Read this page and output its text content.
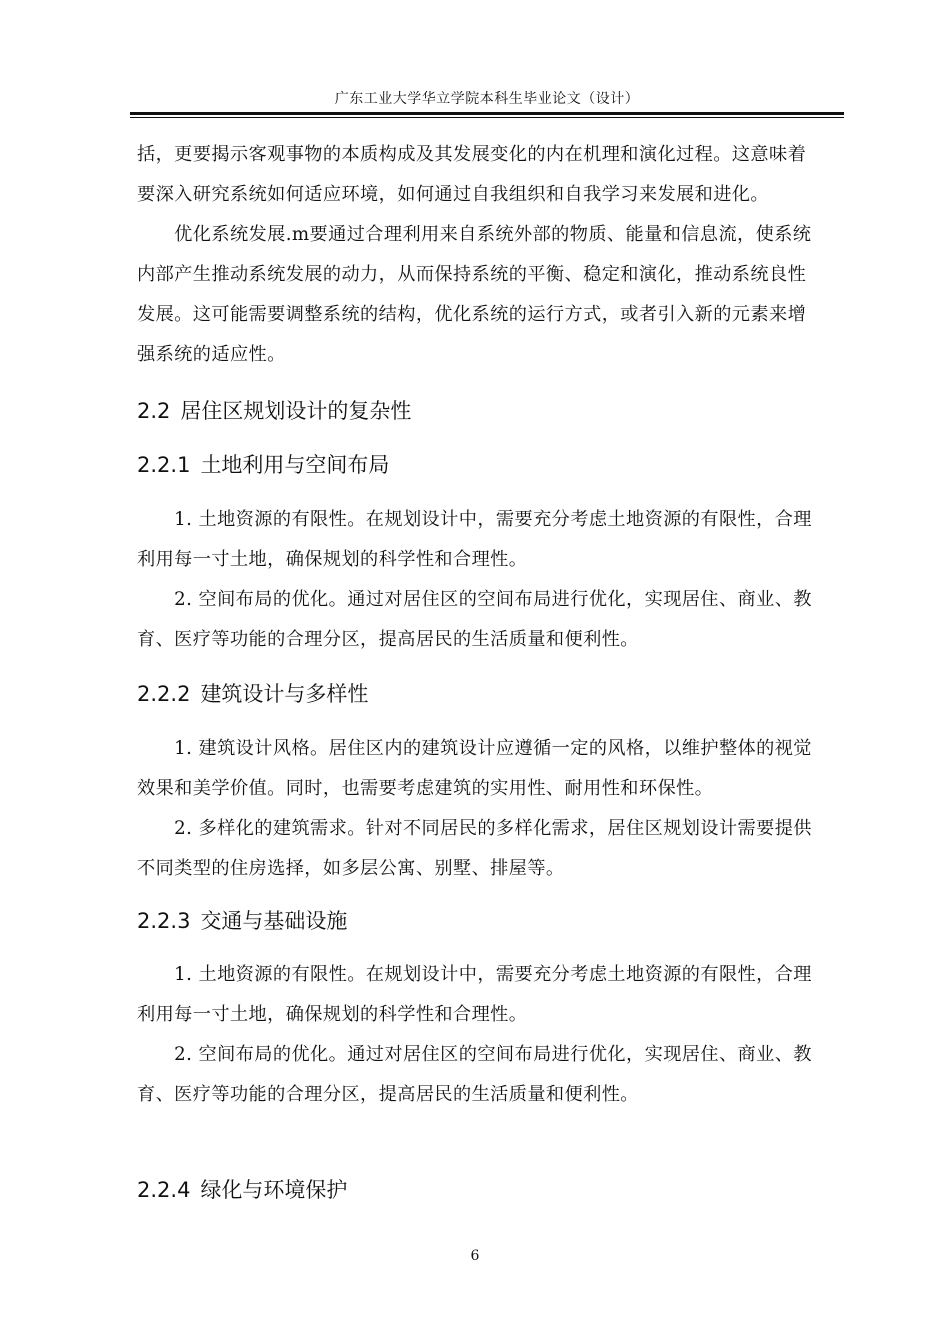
广东工业大学华立学院本科生毕业论文（设计）

括，更要揭示客观事物的本质构成及其发展变化的内在机理和演化过程。这意味着

要深入研究系统如何适应环境，如何通过自我组织和自我学习来发展和进化。

　　优化系统发展.m要通过合理利用来自系统外部的物质、能量和信息流，使系统

内部产生推动系统发展的动力，从而保持系统的平衡、稳定和演化，推动系统良性

发展。这可能需要调整系统的结构，优化系统的运行方式，或者引入新的元素来增

强系统的适应性。

2.2 居住区规划设计的复杂性
2.2.1 土地利用与空间布局

　　1. 土地资源的有限性。在规划设计中，需要充分考虑土地资源的有限性，合理

利用每一寸土地，确保规划的科学性和合理性。

　　2. 空间布局的优化。通过对居住区的空间布局进行优化，实现居住、商业、教

育、医疗等功能的合理分区，提高居民的生活质量和便利性。

2.2.2 建筑设计与多样性

　　1. 建筑设计风格。居住区内的建筑设计应遵循一定的风格，以维护整体的视觉

效果和美学价值。同时，也需要考虑建筑的实用性、耐用性和环保性。

　　2. 多样化的建筑需求。针对不同居民的多样化需求，居住区规划设计需要提供

不同类型的住房选择，如多层公寓、别墅、排屋等。

2.2.3 交通与基础设施

　　1. 土地资源的有限性。在规划设计中，需要充分考虑土地资源的有限性，合理

利用每一寸土地，确保规划的科学性和合理性。

　　2. 空间布局的优化。通过对居住区的空间布局进行优化，实现居住、商业、教

育、医疗等功能的合理分区，提高居民的生活质量和便利性。

2.2.4 绿化与环境保护
6
